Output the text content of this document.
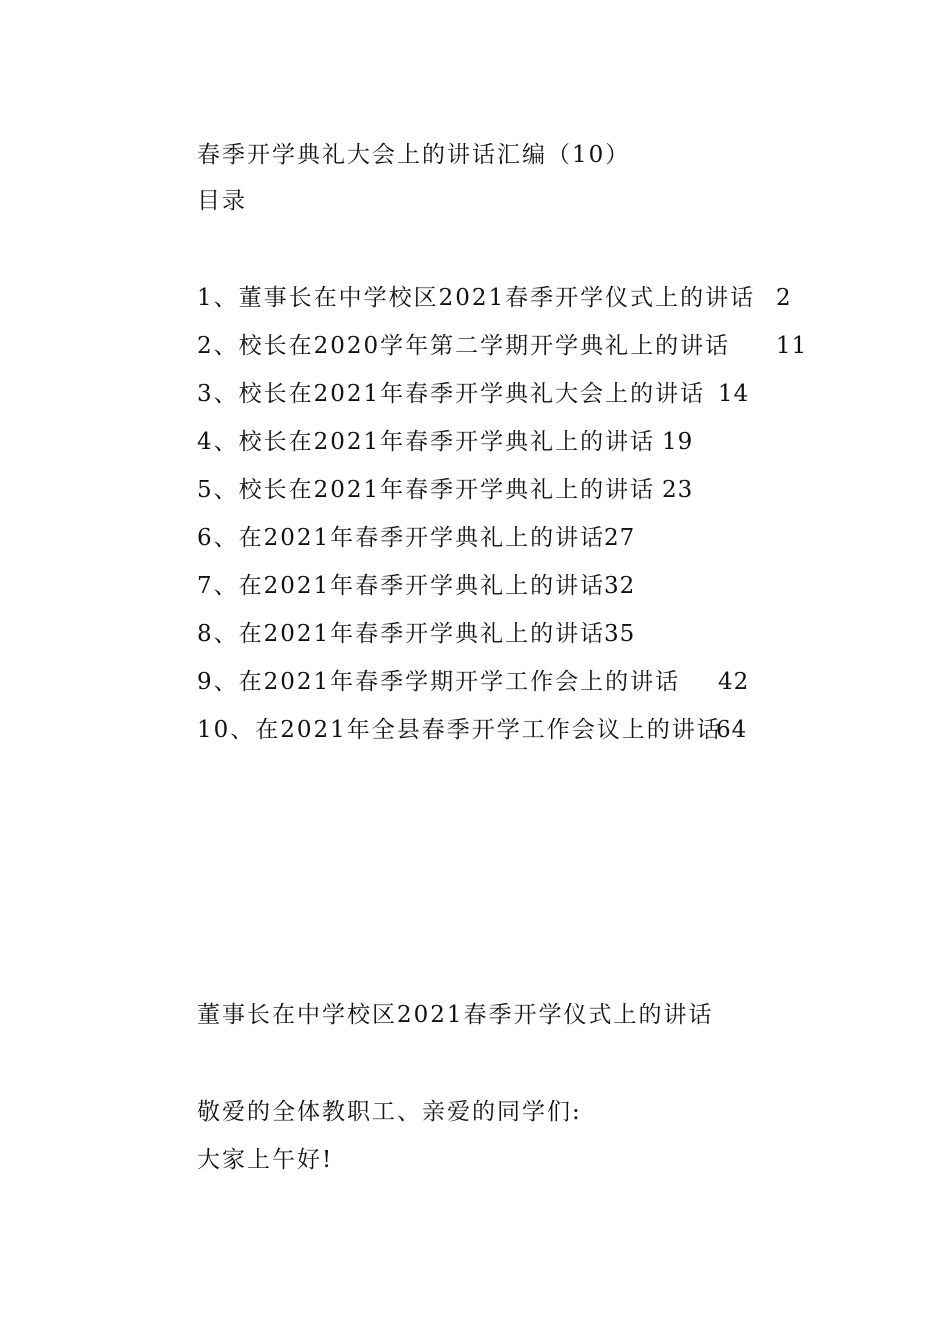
春季开学典礼大会上的讲话汇编（10）
目录
1、董事长在中学校区2021春季开学仪式上的讲话 2
2、校长在2020学年第二学期开学典礼上的讲话 11
3、校长在2021年春季开学典礼大会上的讲话 14
4、校长在2021年春季开学典礼上的讲话 19
5、校长在2021年春季开学典礼上的讲话 23
6、在2021年春季开学典礼上的讲话
27
7、在2021年春季开学典礼上的讲话
32
8、在2021年春季开学典礼上的讲话
35
9、在2021年春季学期开学工作会上的讲话 42
10、在2021年全县春季开学工作会议上的讲话
64
董事长在中学校区2021春季开学仪式上的讲话
敬爱的全体教职工、亲爱的同学们:
大家上午好!
